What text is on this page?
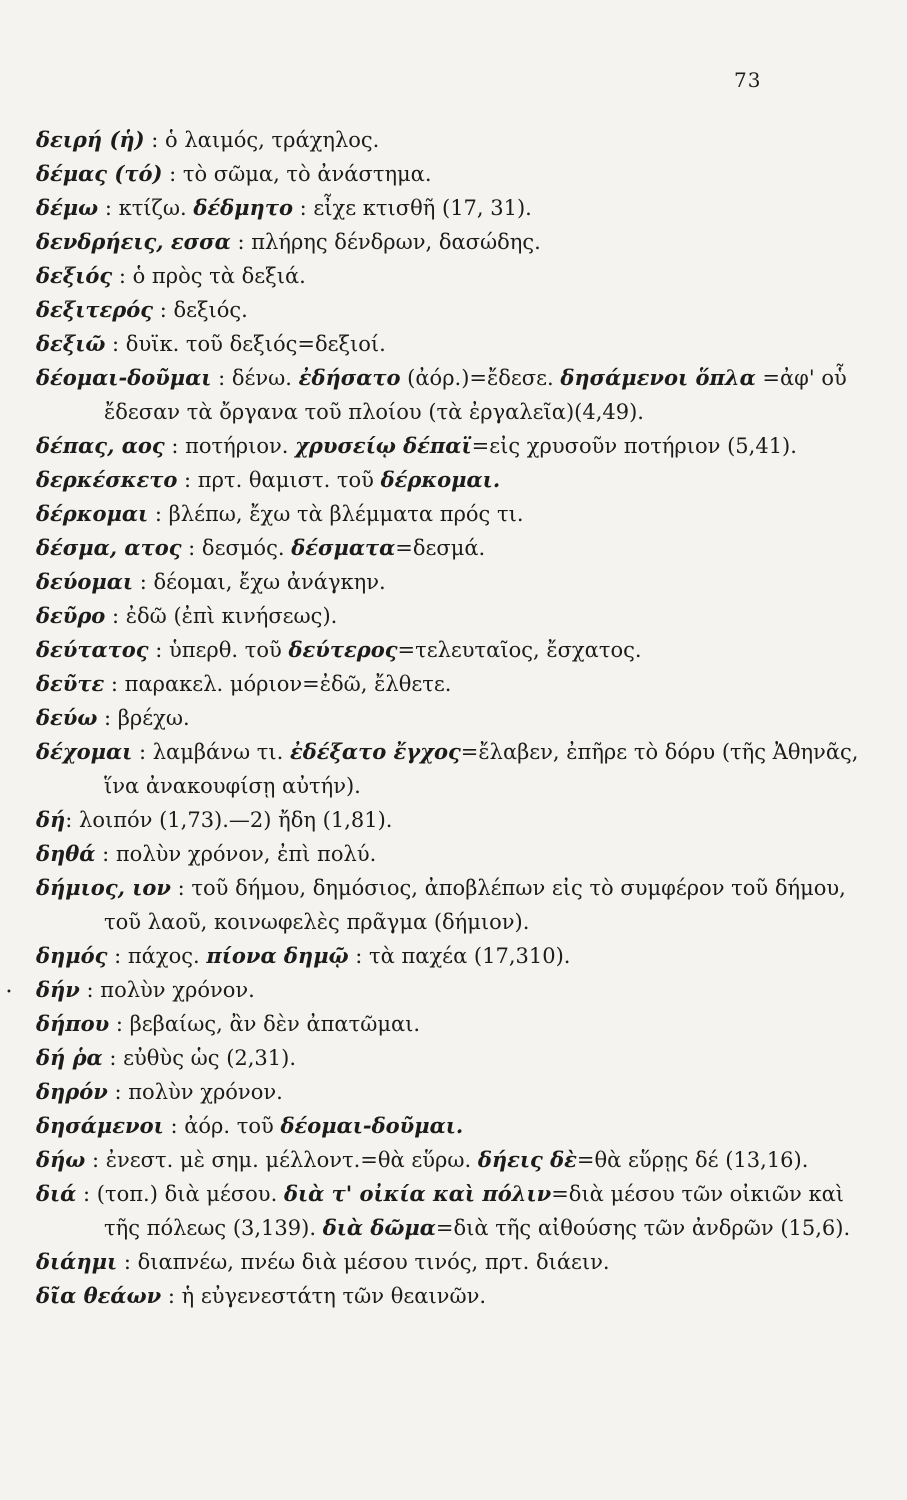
73
•
δειρή (ἡ) : ὁ λαιμός, τράχηλος.
δέμας (τό) : τὸ σῶμα, τὸ ἀνάστημα.
δέμω : κτίζω. δέδμητο : εἶχε κτισθῆ (17, 31).
δενδρήεις, εσσα : πλήρης δένδρων, δασώδης.
δεξιός : ὁ πρὸς τὰ δεξιά.
δεξιτερός : δεξιός.
δεξιῶ : δυϊκ. τοῦ δεξιός=δεξιοί.
δέομαι-δοῦμαι : δένω. ἐδήσατο (ἀόρ.)=ἔδεσε. δησάμενοι ὅπλα =ἀφ' οὗ ἔδεσαν τὰ ὄργανα τοῦ πλοίου (τὰ ἐργαλεῖα)(4,49).
δέπας, αος : ποτήριον. χρυσείῳ δέπαϊ=εἰς χρυσοῦν ποτήριον (5,41).
δερκέσκετο : πρτ. θαμιστ. τοῦ δέρκομαι.
δέρκομαι : βλέπω, ἔχω τὰ βλέμματα πρός τι.
δέσμα, ατος : δεσμός. δέσματα=δεσμά.
δεύομαι : δέομαι, ἔχω ἀνάγκην.
δεῦρο : ἐδῶ (ἐπὶ κινήσεως).
δεύτατος : ὑπερθ. τοῦ δεύτερος=τελευταῖος, ἔσχατος.
δεῦτε : παρακελ. μόριον=ἐδῶ, ἔλθετε.
δεύω : βρέχω.
δέχομαι : λαμβάνω τι. ἐδέξατο ἔγχος=ἔλαβεν, ἐπῆρε τὸ δόρυ (τῆς Ἀθηνᾶς, ἵνα ἀνακουφίσῃ αὐτήν).
δή: λοιπόν (1,73).—2) ἤδη (1,81).
δηθά : πολὺν χρόνον, ἐπὶ πολύ.
δήμιος, ιον : τοῦ δήμου, δημόσιος, ἀποβλέπων εἰς τὸ συμφέρον τοῦ δήμου, τοῦ λαοῦ, κοινωφελὲς πρᾶγμα (δήμιον).
δημός : πάχος. πίονα δημῷ : τὰ παχέα (17,310).
δήν : πολὺν χρόνον.
δήπου : βεβαίως, ἂν δὲν ἀπατῶμαι.
δή ῥα : εὐθὺς ὡς (2,31).
δηρόν : πολὺν χρόνον.
δησάμενοι : ἀόρ. τοῦ δέομαι-δοῦμαι.
δήω : ἐνεστ. μὲ σημ. μέλλοντ.=θὰ εὕρω. δήεις δὲ=θὰ εὕρῃς δέ (13,16).
διά : (τοπ.) διὰ μέσου. διὰ τ' οἰκία καὶ πόλιν=διὰ μέσου τῶν οἰκιῶν καὶ τῆς πόλεως (3,139). διὰ δῶμα=διὰ τῆς αἰθούσης τῶν ἀνδρῶν (15,6).
διάημι : διαπνέω, πνέω διὰ μέσου τινός, πρτ. διάειν.
δῖα θεάων : ἡ εὐγενεστάτη τῶν θεαινῶν.
